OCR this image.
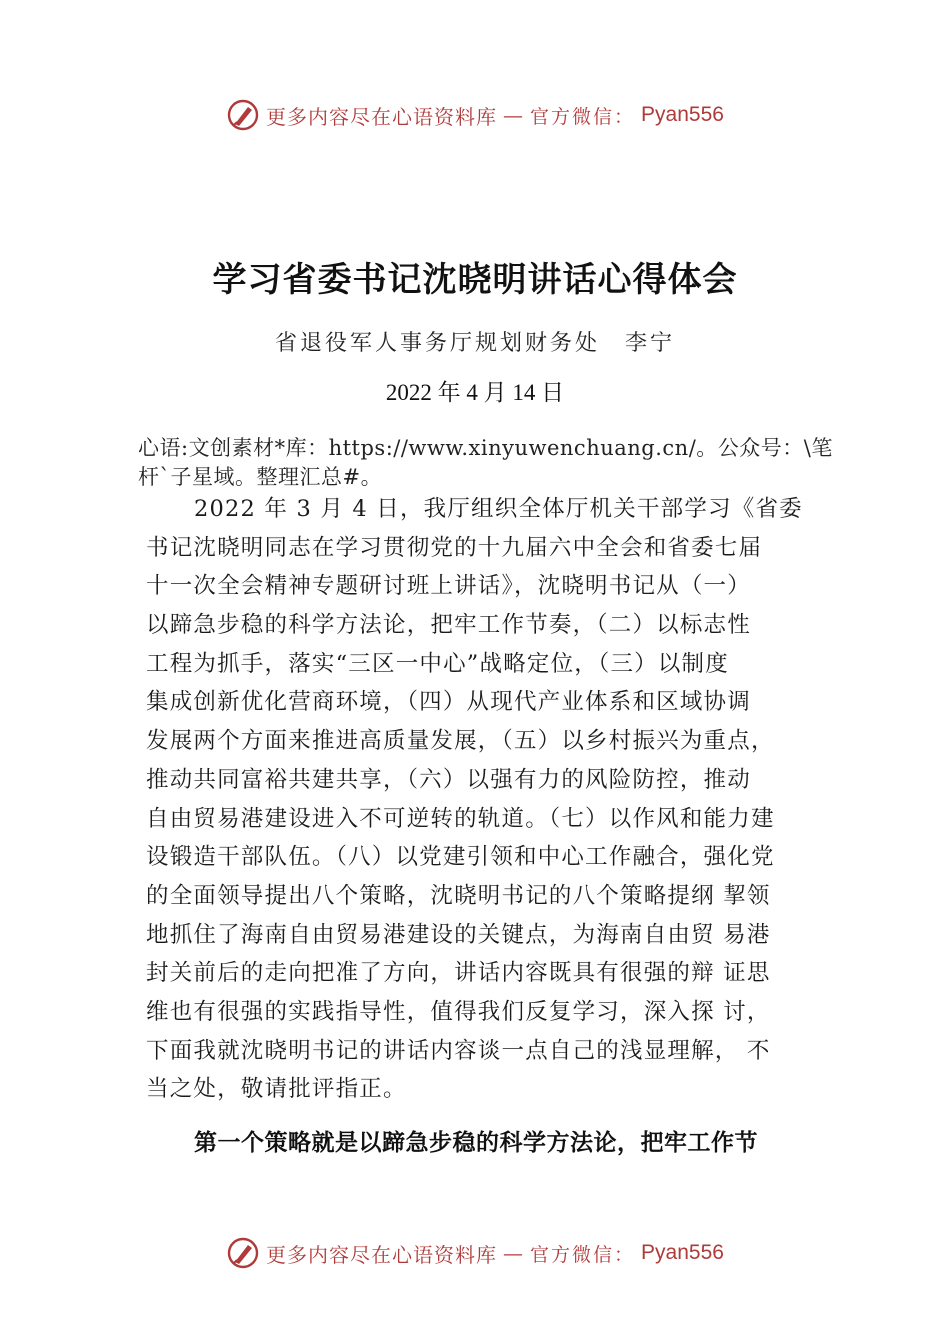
更多内容尽在心语资料库 — 官方微信： Pyan556
学习省委书记沈晓明讲话心得体会
省退役军人事务厅规划财务处　李宁
2022 年 4 月 14 日
心语:文创素材*库：https://www.xinyuwenchuang.cn/。公众号：\笔杆`子星域。整理汇总#。
2022 年 3 月 4 日，我厅组织全体厅机关干部学习《省委
书记沈晓明同志在学习贯彻党的十九届六中全会和省委七届
十一次全会精神专题研讨班上讲话》，沈晓明书记从（一）
以蹄急步稳的科学方法论，把牢工作节奏，（二）以标志性
工程为抓手，落实“三区一中心”战略定位，（三）以制度
集成创新优化营商环境，（四）从现代产业体系和区域协调
发展两个方面来推进高质量发展，（五）以乡村振兴为重点，
推动共同富裕共建共享，（六）以强有力的风险防控，推动
自由贸易港建设进入不可逆转的轨道。（七）以作风和能力建
设锻造干部队伍。（八）以党建引领和中心工作融合，强化党
的全面领导提出八个策略，沈晓明书记的八个策略提纲 挈领
地抓住了海南自由贸易港建设的关键点，为海南自由贸 易港
封关前后的走向把准了方向，讲话内容既具有很强的辩 证思
维也有很强的实践指导性，值得我们反复学习，深入探 讨，
下面我就沈晓明书记的讲话内容谈一点自己的浅显理解， 不
当之处，敬请批评指正。
第一个策略就是以蹄急步稳的科学方法论，把牢工作节
更多内容尽在心语资料库 — 官方微信： Pyan556
